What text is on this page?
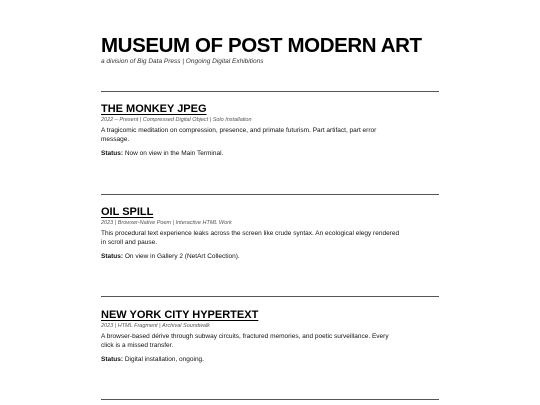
MUSEUM OF POST MODERN ART
a division of Big Data Press | Ongoing Digital Exhibitions
THE MONKEY JPEG
2022 – Present | Compressed Digital Object | Solo Installation
A tragicomic meditation on compression, presence, and primate futurism. Part artifact, part error message.
Status: Now on view in the Main Terminal.
OIL SPILL
2023 | Browser-Native Poem | Interactive HTML Work
This procedural text experience leaks across the screen like crude syntax. An ecological elegy rendered in scroll and pause.
Status: On view in Gallery 2 (NetArt Collection).
NEW YORK CITY HYPERTEXT
2023 | HTML Fragment | Archival Soundwalk
A browser-based dérive through subway circuits, fractured memories, and poetic surveillance. Every click is a missed transfer.
Status: Digital installation, ongoing.
